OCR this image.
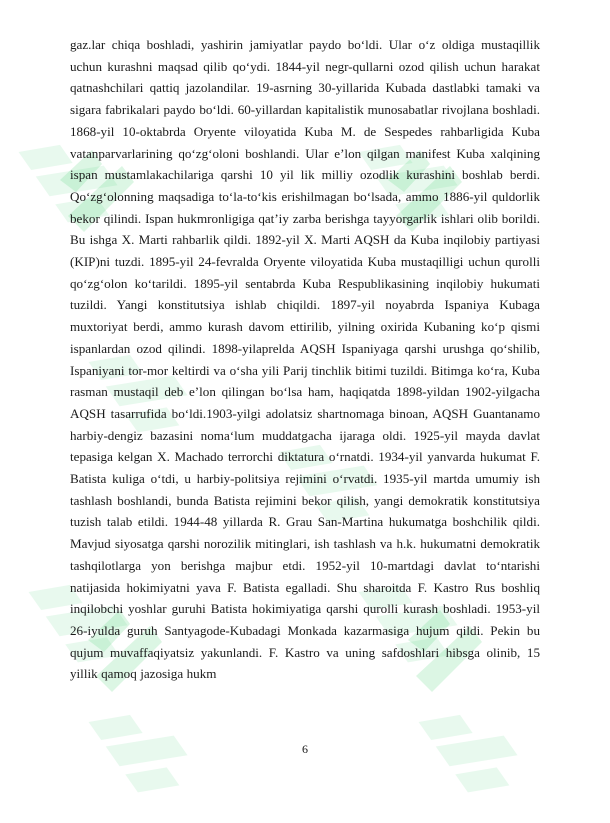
gaz.lar chiqa boshladi, yashirin jamiyatlar paydo bo‘ldi. Ular o‘z oldiga mustaqillik uchun kurashni maqsad qilib qo‘ydi. 1844-yil negr-qullarni ozod qilish uchun harakat qatnashchilari qattiq jazolandilar. 19-asrning 30-yillarida Kubada dastlabki tamaki va sigara fabrikalari paydo bo‘ldi. 60-yillardan kapitalistik munosabatlar rivojlana boshladi. 1868-yil 10-oktabrda Oryente viloyatida Kuba M. de Sespedes rahbarligida Kuba vatanparvarlarining qo‘zg‘oloni boshlandi. Ular e’lon qilgan manifest Kuba xalqining ispan mustamlakachilariga qarshi 10 yil lik milliy ozodlik kurashini boshlab berdi. Qo‘zg‘olonning maqsadiga to‘la-to‘kis erishilmagan bo‘lsada, ammo 1886-yil quldorlik bekor qilindi. Ispan hukmronligiga qat’iy zarba berishga tayyorgarlik ishlari olib borildi. Bu ishga X. Marti rahbarlik qildi. 1892-yil X. Marti AQSH da Kuba inqilobiy partiyasi (KIP)ni tuzdi. 1895-yil 24-fevralda Oryente viloyatida Kuba mustaqilligi uchun qurolli qo‘zg‘olon ko‘tarildi. 1895-yil sentabrda Kuba Respublikasining inqilobiy hukumati tuzildi. Yangi konstitutsiya ishlab chiqildi. 1897-yil noyabrda Ispaniya Kubaga muxtoriyat berdi, ammo kurash davom ettirilib, yilning oxirida Kubaning ko‘p qismi ispanlardan ozod qilindi. 1898-yilaprelda AQSH Ispaniyaga qarshi urushga qo‘shilib, Ispaniyani tor-mor keltirdi va o‘sha yili Parij tinchlik bitimi tuzildi. Bitimga ko‘ra, Kuba rasman mustaqil deb e’lon qilingan bo‘lsa ham, haqiqatda 1898-yildan 1902-yilgacha AQSH tasarrufida bo‘ldi.1903-yilgi adolatsiz shartnomaga binoan, AQSH Guantanamo harbiy-dengiz bazasini noma‘lum muddatgacha ijaraga oldi. 1925-yil mayda davlat tepasiga kelgan X. Machado terrorchi diktatura o‘rnatdi. 1934-yil yanvarda hukumat F. Batista kuliga o‘tdi, u harbiy-politsiya rejimini o‘rvatdi. 1935-yil martda umumiy ish tashlash boshlandi, bunda Batista rejimini bekor qilish, yangi demokratik konstitutsiya tuzish talab etildi. 1944-48 yillarda R. Grau San-Martina hukumatga boshchilik qildi. Mavjud siyosatga qarshi norozilik mitinglari, ish tashlash va h.k. hukumatni demokratik tashqilotlarga yon berishga majbur etdi. 1952-yil 10-martdagi davlat to‘ntarishi natijasida hokimiyatni yava F. Batista egalladi. Shu sharoitda F. Kastro Rus boshliq inqilobchi yoshlar guruhi Batista hokimiyatiga qarshi qurolli kurash boshladi. 1953-yil 26-iyulda guruh Santyagode-Kubadagi Monkada kazarmasiga hujum qildi. Pekin bu qujum muvaffaqiyatsiz yakunlandi. F. Kastro va uning safdoshlari hibsga olinib, 15 yillik qamoq jazosiga hukm

6
